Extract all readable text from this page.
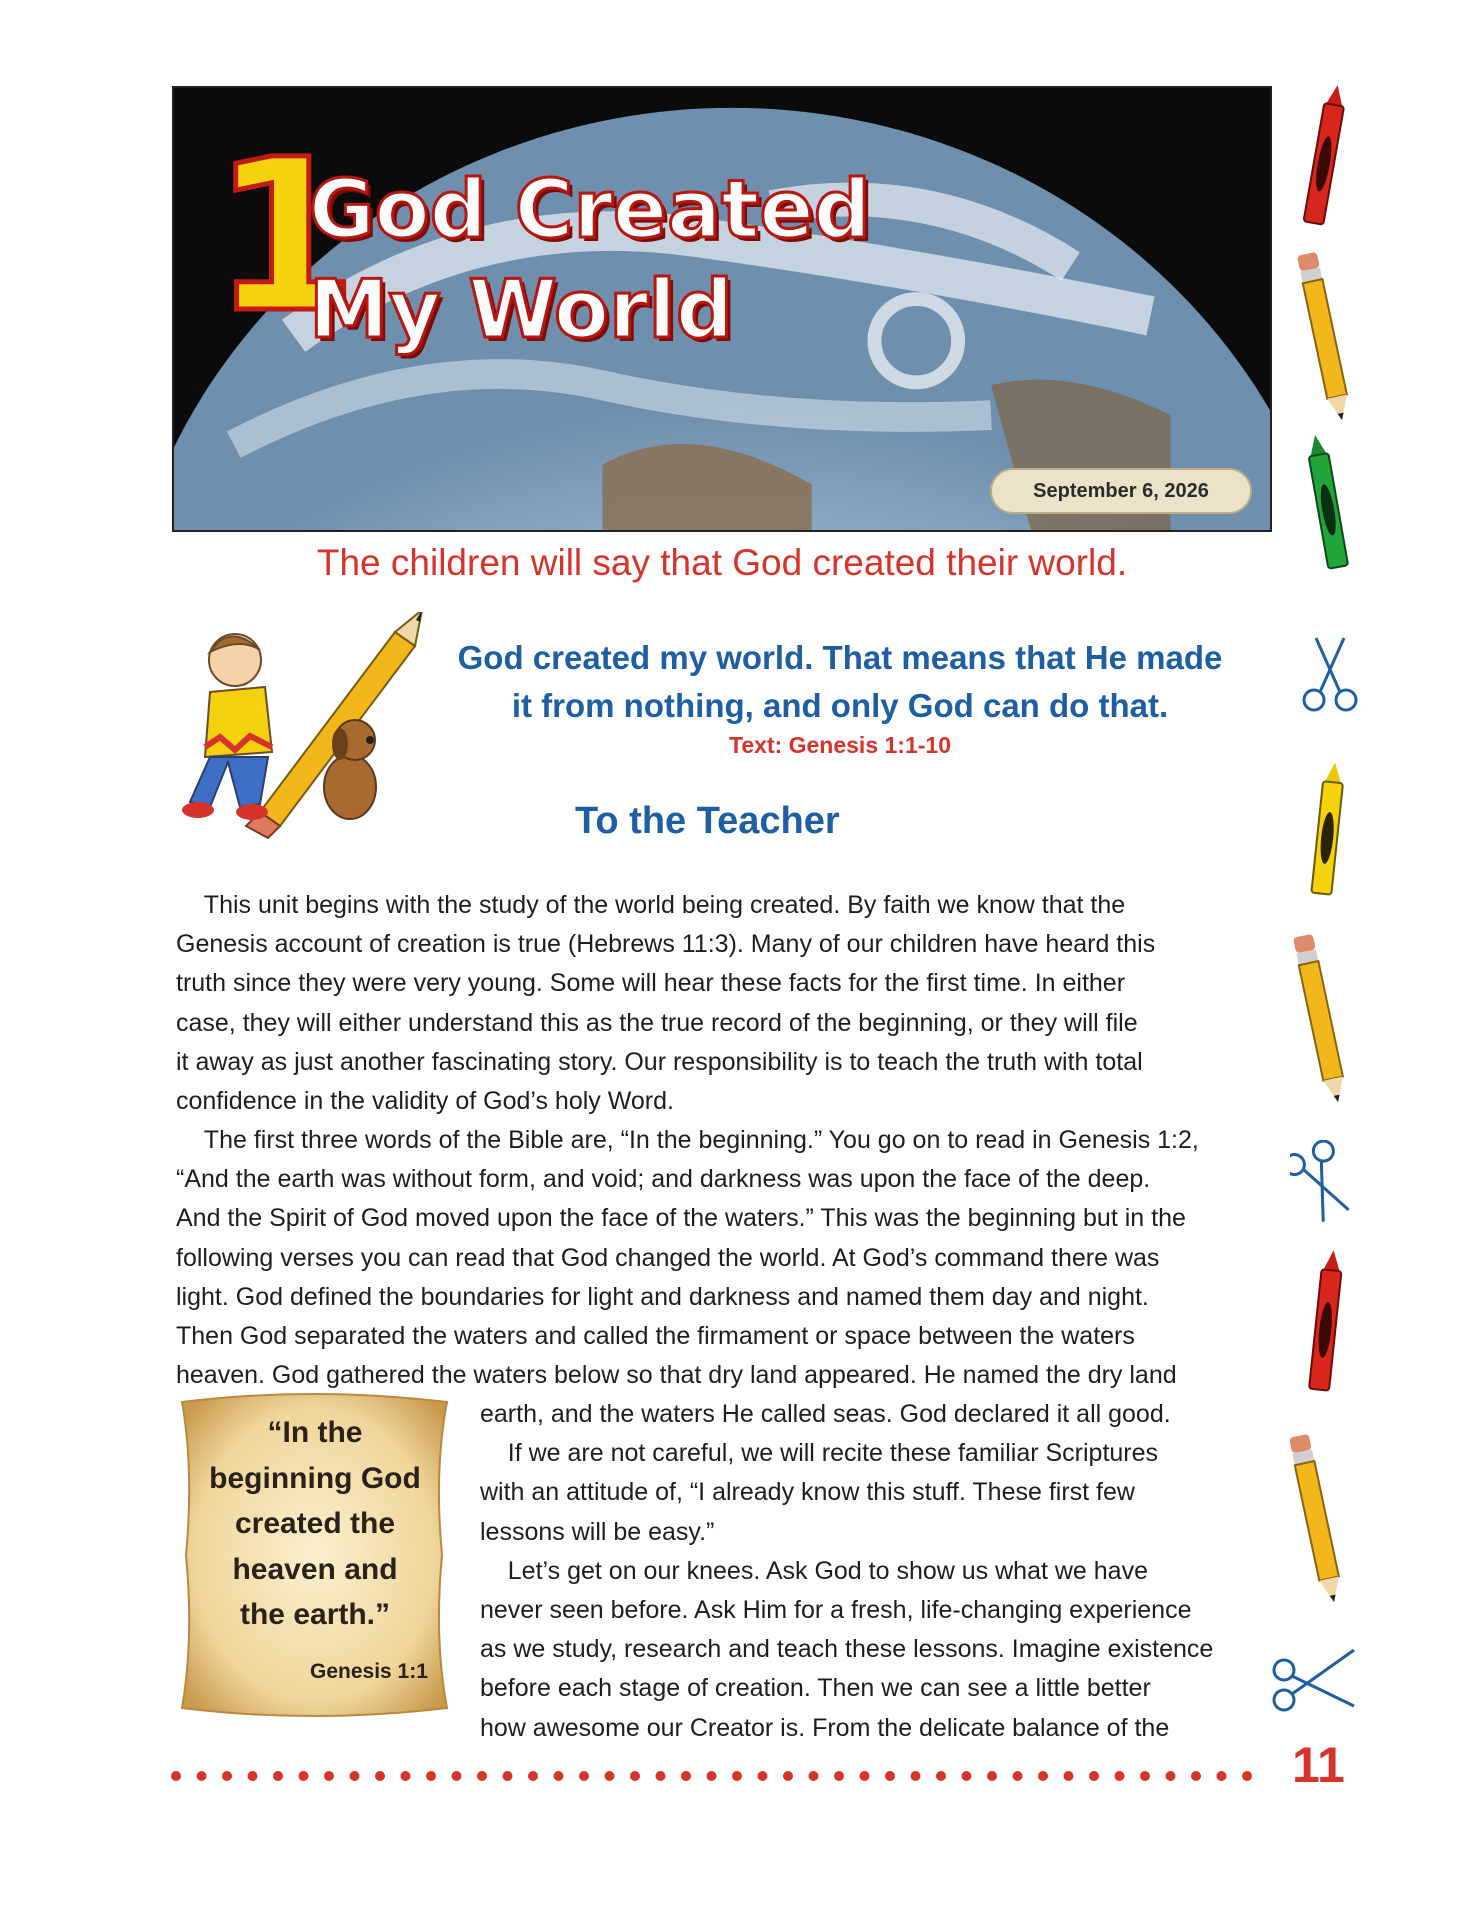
1
God Created
My World
September 6, 2026
The children will say that God created their world.
God created my world. That means that He made
it from nothing, and only God can do that.
Text: Genesis 1:1-10
To the Teacher
This unit begins with the study of the world being created. By faith we know that the
Genesis account of creation is true (Hebrews 11:3). Many of our children have heard this
truth since they were very young. Some will hear these facts for the first time. In either
case, they will either understand this as the true record of the beginning, or they will file
it away as just another fascinating story. Our responsibility is to teach the truth with total
confidence in the validity of God’s holy Word.
The first three words of the Bible are, “In the beginning.” You go on to read in Genesis 1:2,
“And the earth was without form, and void; and darkness was upon the face of the deep.
And the Spirit of God moved upon the face of the waters.” This was the beginning but in the
following verses you can read that God changed the world. At God’s command there was
light. God defined the boundaries for light and darkness and named them day and night.
Then God separated the waters and called the firmament or space between the waters
heaven. God gathered the waters below so that dry land appeared. He named the dry land
earth, and the waters He called seas. God declared it all good.
If we are not careful, we will recite these familiar Scriptures
with an attitude of, “I already know this stuff. These first few
lessons will be easy.”
Let’s get on our knees. Ask God to show us what we have
never seen before. Ask Him for a fresh, life-changing experience
as we study, research and teach these lessons. Imagine existence
before each stage of creation. Then we can see a little better
how awesome our Creator is. From the delicate balance of the
“In the
beginning God
created the
heaven and
the earth.”
Genesis 1:1
11
